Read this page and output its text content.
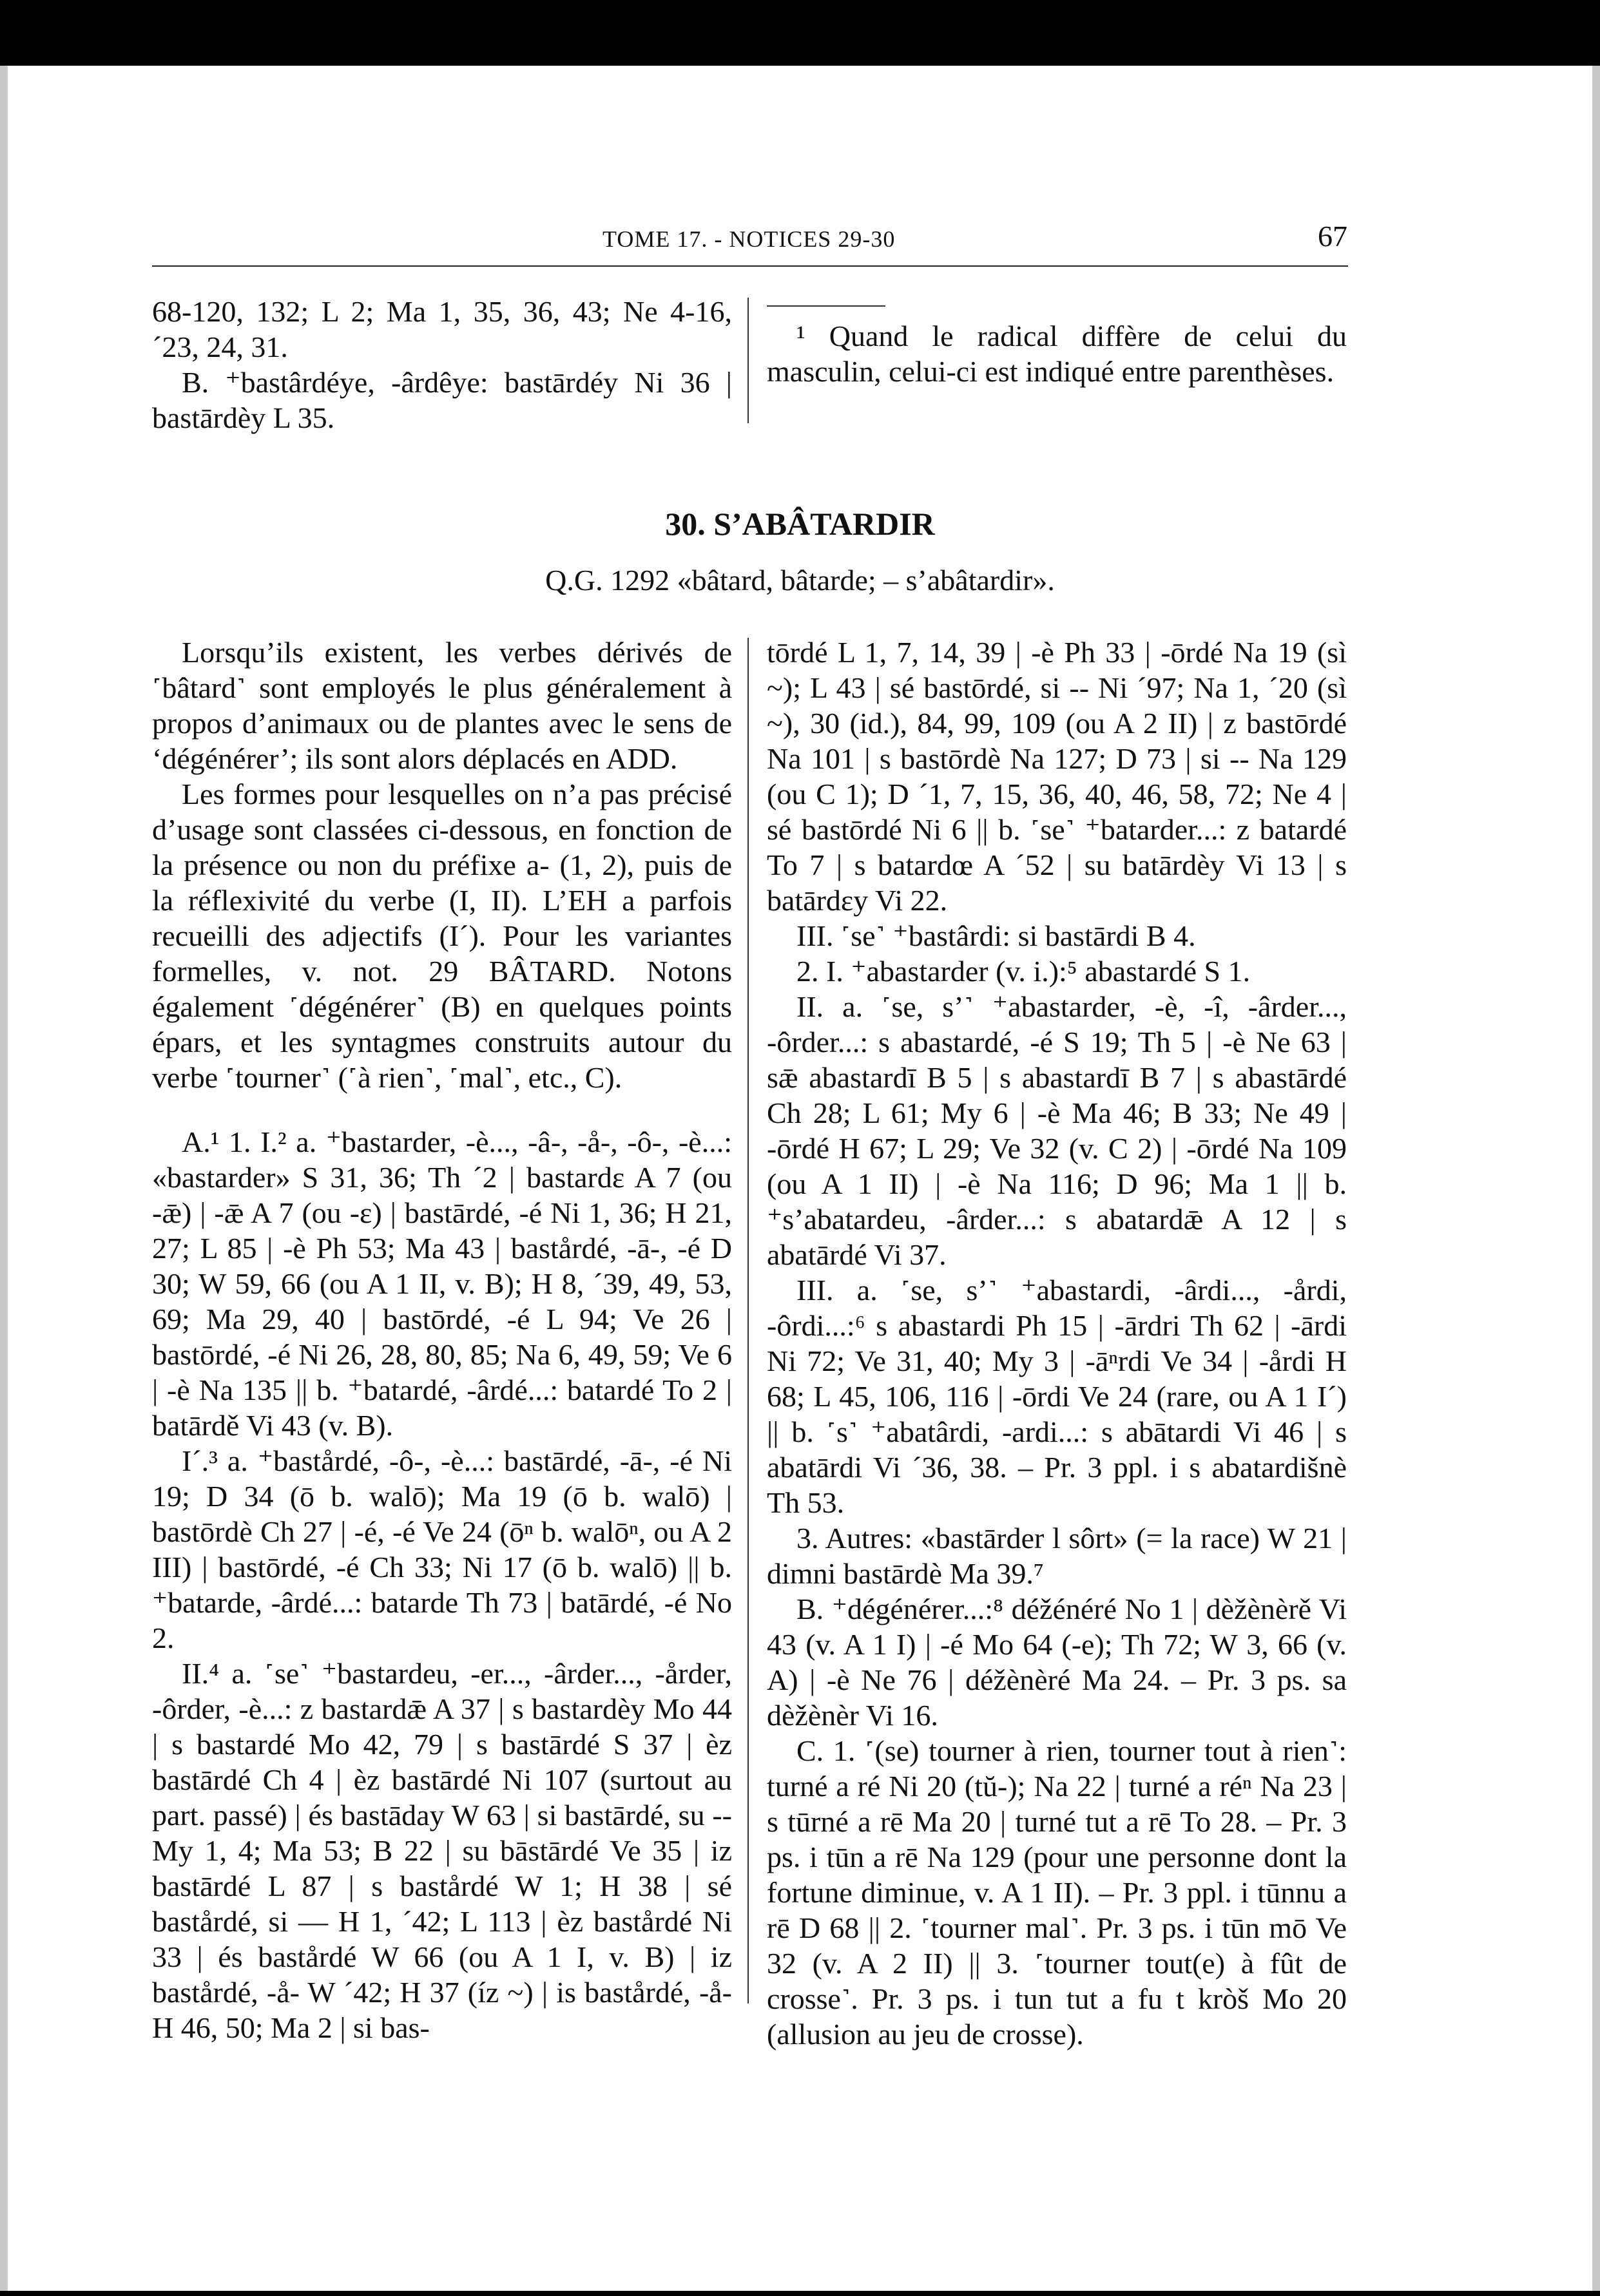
TOME 17. - NOTICES 29-30	67

68-120, 132; L 2; Ma 1, 35, 36, 43; Ne 4-16, ´23, 24, 31.

B. ⁺bastârdéye, -ârdêye: bastārdéy Ni 36 | bastārdèy L 35.

¹ Quand le radical diffère de celui du masculin, celui-ci est indiqué entre parenthèses.

30. S’ABÂTARDIR
Q.G. 1292 «bâtard, bâtarde; – s’abâtardir».

Lorsqu’ils existent, les verbes dérivés de ˹bâtard˺ sont employés le plus généralement à propos d’animaux ou de plantes avec le sens de ‘dégénérer’; ils sont alors déplacés en ADD.

Les formes pour lesquelles on n’a pas précisé d’usage sont classées ci-dessous, en fonction de la présence ou non du préfixe a- (1, 2), puis de la réflexivité du verbe (I, II). L’EH a parfois recueilli des adjectifs (I´). Pour les variantes formelles, v. not. 29 BÂTARD. Notons également ˹dégénérer˺ (B) en quelques points épars, et les syntagmes construits autour du verbe ˹tourner˺ (˹à rien˺, ˹mal˺, etc., C).

A.¹ 1. I.² a. ⁺bastarder, -è..., -â-, -å-, -ô-, -è...: «bastarder» S 31, 36; Th ´2 | bastardɛ A 7 (ou -ǣ) | -ǣ A 7 (ou -ɛ) | bastārdé, -é Ni 1, 36; H 21, 27; L 85 | -è Ph 53; Ma 43 | bastårdé, -ā-, -é D 30; W 59, 66 (ou A 1 II, v. B); H 8, ´39, 49, 53, 69; Ma 29, 40 | bastōrdé, -é L 94; Ve 26 | bastōrdé, -é Ni 26, 28, 80, 85; Na 6, 49, 59; Ve 6 | -è Na 135 || b. ⁺batardé, -ârdé...: batardé To 2 | batārdě Vi 43 (v. B).

I´.³ a. ⁺bastårdé, -ô-, -è...: bastārdé, -ā-, -é Ni 19; D 34 (ō b. walō); Ma 19 (ō b. walō) | bastōrdè Ch 27 | -é, -é Ve 24 (ōⁿ b. walōⁿ, ou A 2 III) | bastōrdé, -é Ch 33; Ni 17 (ō b. walō) || b. ⁺batarde, -ârdé...: batarde Th 73 | batārdé, -é No 2.

II.⁴ a. ˹se˺ ⁺bastardeu, -er..., -ârder..., -årder, -ôrder, -è...: z bastardǣ A 37 | s bastardèy Mo 44 | s bastardé Mo 42, 79 | s bastārdé S 37 | èz bastārdé Ch 4 | èz bastārdé Ni 107 (surtout au part. passé) | és bastāday W 63 | si bastārdé, su -- My 1, 4; Ma 53; B 22 | su bāstārdé Ve 35 | iz bastārdé L 87 | s bastårdé W 1; H 38 | sé bastårdé, si — H 1, ´42; L 113 | èz bastårdé Ni 33 | és bastårdé W 66 (ou A 1 I, v. B) | iz bastårdé, -å- W ´42; H 37 (íz ~) | is bastårdé, -å- H 46, 50; Ma 2 | si bas-

tōrdé L 1, 7, 14, 39 | -è Ph 33 | -ōrdé Na 19 (sì ~); L 43 | sé bastōrdé, si -- Ni ´97; Na 1, ´20 (sì ~), 30 (id.), 84, 99, 109 (ou A 2 II) | z bastōrdé Na 101 | s bastōrdè Na 127; D 73 | si -- Na 129 (ou C 1); D ´1, 7, 15, 36, 40, 46, 58, 72; Ne 4 | sé bastōrdé Ni 6 || b. ˹se˺ ⁺batarder...: z batardé To 7 | s batardœ A ´52 | su batārdèy Vi 13 | s batārdɛy Vi 22.

III. ˹se˺ ⁺bastârdi: si bastārdi B 4.

2. I. ⁺abastarder (v. i.):⁵ abastardé S 1.

II. a. ˹se, s’˺ ⁺abastarder, -è, -î, -ârder..., -ôrder...: s abastardé, -é S 19; Th 5 | -è Ne 63 | sǣ abastardī B 5 | s abastardī B 7 | s abastārdé Ch 28; L 61; My 6 | -è Ma 46; B 33; Ne 49 | -ōrdé H 67; L 29; Ve 32 (v. C 2) | -ōrdé Na 109 (ou A 1 II) | -è Na 116; D 96; Ma 1 || b. ⁺s’abatardeu, -ârder...: s abatardǣ A 12 | s abatārdé Vi 37.

III. a. ˹se, s’˺ ⁺abastardi, -ârdi..., -årdi, -ôrdi...:⁶ s abastardi Ph 15 | -ārdri Th 62 | -ārdi Ni 72; Ve 31, 40; My 3 | -āⁿrdi Ve 34 | -årdi H 68; L 45, 106, 116 | -ōrdi Ve 24 (rare, ou A 1 I´) || b. ˹s˺ ⁺abatârdi, -ardi...: s abātardi Vi 46 | s abatārdi Vi ´36, 38. – Pr. 3 ppl. i s abatardišnè Th 53.

3. Autres: «bastārder l sôrt» (= la race) W 21 | dimni bastārdè Ma 39.⁷

B. ⁺dégénérer...:⁸ déžénéré No 1 | dèžènèrě Vi 43 (v. A 1 I) | -é Mo 64 (-e); Th 72; W 3, 66 (v. A) | -è Ne 76 | déžènèré Ma 24. – Pr. 3 ps. sa dèžènèr Vi 16.

C. 1. ˹(se) tourner à rien, tourner tout à rien˺: turné a ré Ni 20 (tŭ-); Na 22 | turné a réⁿ Na 23 | s tūrné a rē Ma 20 | turné tut a rē To 28. – Pr. 3 ps. i tūn a rē Na 129 (pour une personne dont la fortune diminue, v. A 1 II). – Pr. 3 ppl. i tūnnu a rē D 68 || 2. ˹tourner mal˺. Pr. 3 ps. i tūn mō Ve 32 (v. A 2 II) || 3. ˹tourner tout(e) à fût de crosse˺. Pr. 3 ps. i tun tut a fu t kròš Mo 20 (allusion au jeu de crosse).
